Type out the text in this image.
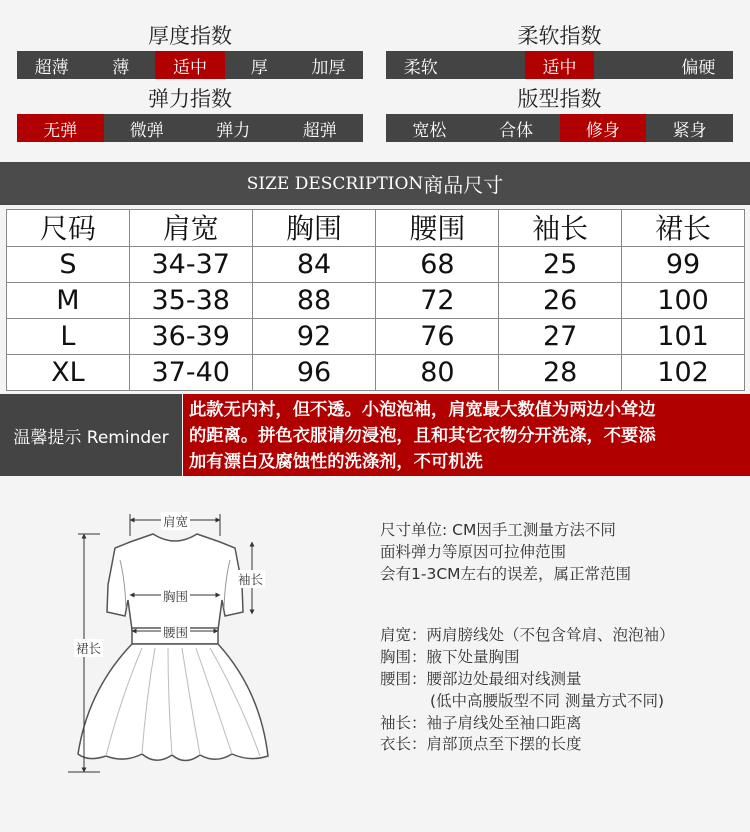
厚度指数
超薄	薄	适中	厚	加厚
柔软指数
柔软	适中	偏硬
弹力指数
无弹	微弹	弹力	超弹
版型指数
宽松	合体	修身	紧身
SIZE DESCRIPTION 商品尺寸
尺码	肩宽	胸围	腰围	袖长	裙长
S	34-37	84	68	25	99
M	35-38	88	72	26	100
L	36-39	92	76	27	101
XL	37-40	96	80	28	102
温馨提示 Reminder
此款无内衬，但不透。小泡泡袖，肩宽最大数值为两边小耸边
的距离。拼色衣服请勿浸泡，且和其它衣物分开洗涤，不要添
加有漂白及腐蚀性的洗涤剂，不可机洗
肩宽
胸围
腰围
袖长
裙长
尺寸单位: CM因手工测量方法不同
面料弹力等原因可拉伸范围
会有1-3CM左右的误差，属正常范围
肩宽：两肩膀线处（不包含耸肩、泡泡袖）
胸围：腋下处量胸围
腰围：腰部边处最细对线测量
(低中高腰版型不同 测量方式不同)
袖长：袖子肩线处至袖口距离
衣长：肩部顶点至下摆的长度
